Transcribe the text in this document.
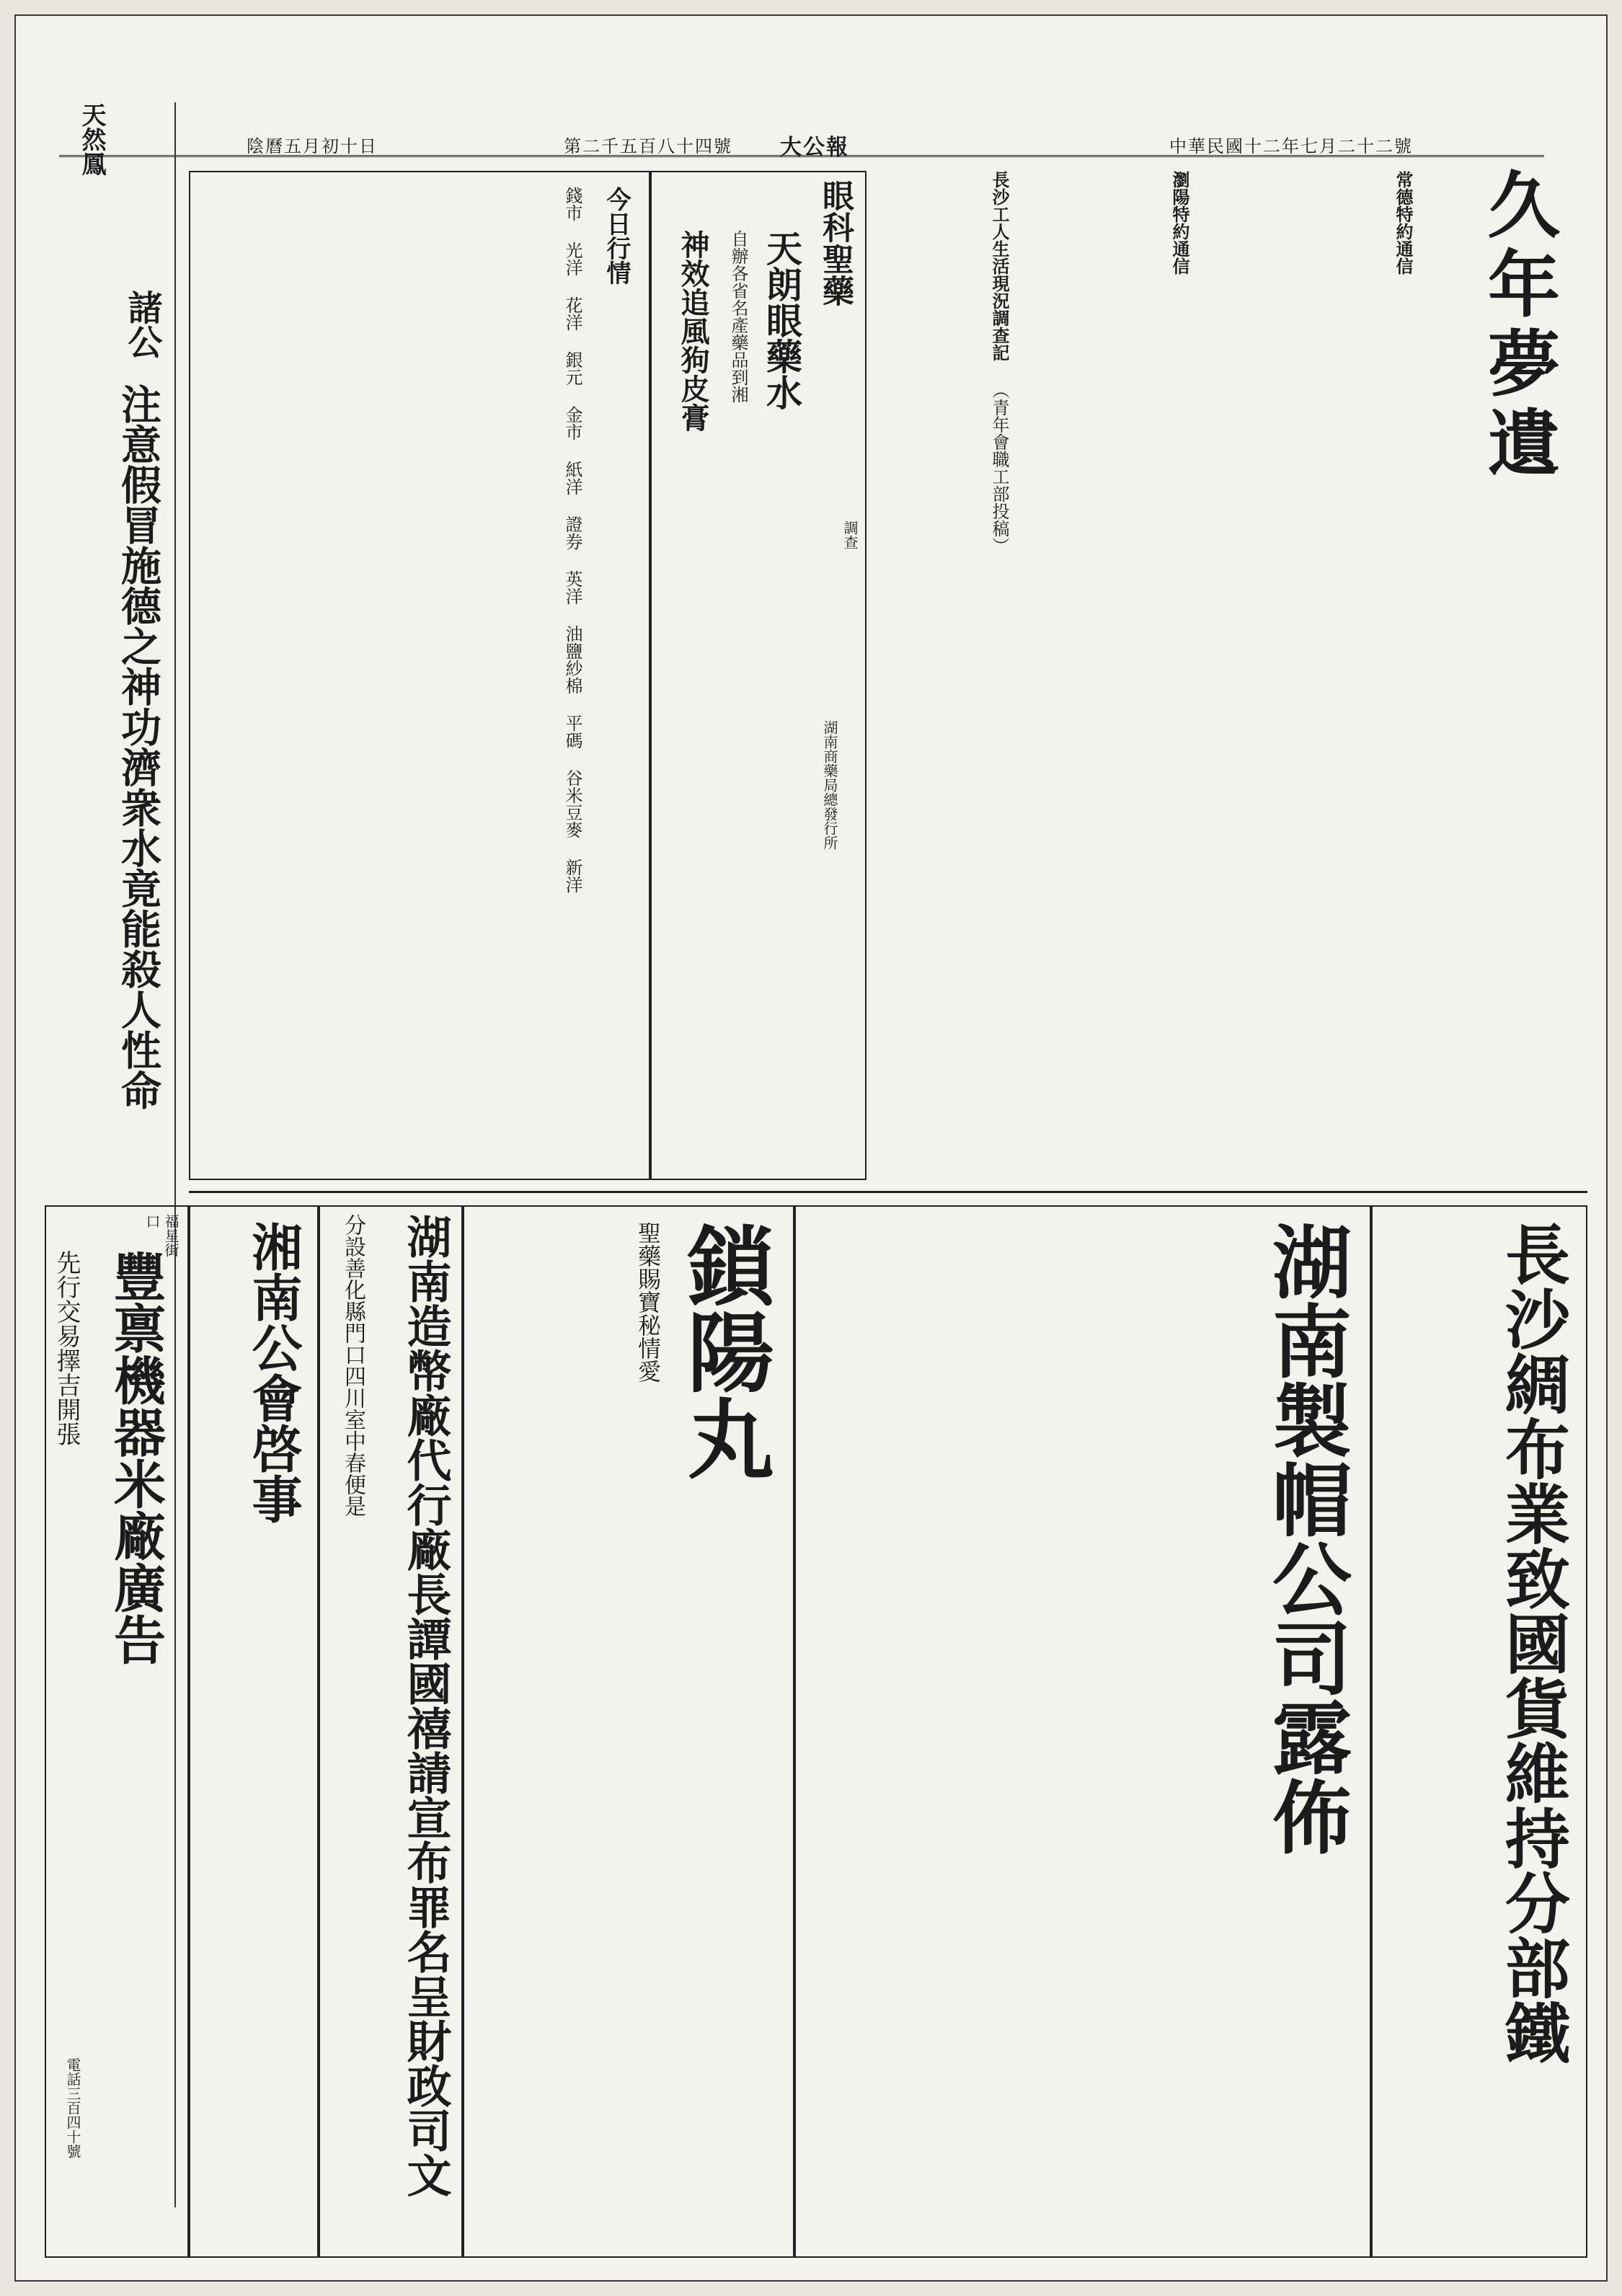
中華民國十二年七月二十二號
大公報
第二千五百八十四號
陰曆五月初十日
久年夢遺
常德特約通信
瀏陽特約通信
長沙工人生活現況調查記 （青年會職工部投稿）
調查
眼科聖藥
天朗眼藥水
自辦各省名產藥品到湘
神效追風狗皮膏
湖南商藥局總發行所
今日行情
錢市 光洋 花洋 銀元 金市 紙洋 證券 英洋 油鹽紗棉 平碼 谷米豆麥 新洋
長沙綢布業致國貨維持分部鐵
湖南製帽公司露佈
鎖陽丸
聖藥賜寶秘情愛
湖南造幣廠代行廠長譚國禧請宣布罪名呈財政司文
分設善化縣門口四川室中春便是
湘南公會啓事
天然鳳
諸公
注意假冒施德之神功濟衆水竟能殺人性命
豐禀機器米廠廣告
先行交易擇吉開張
福星街口
電話三百四十號
